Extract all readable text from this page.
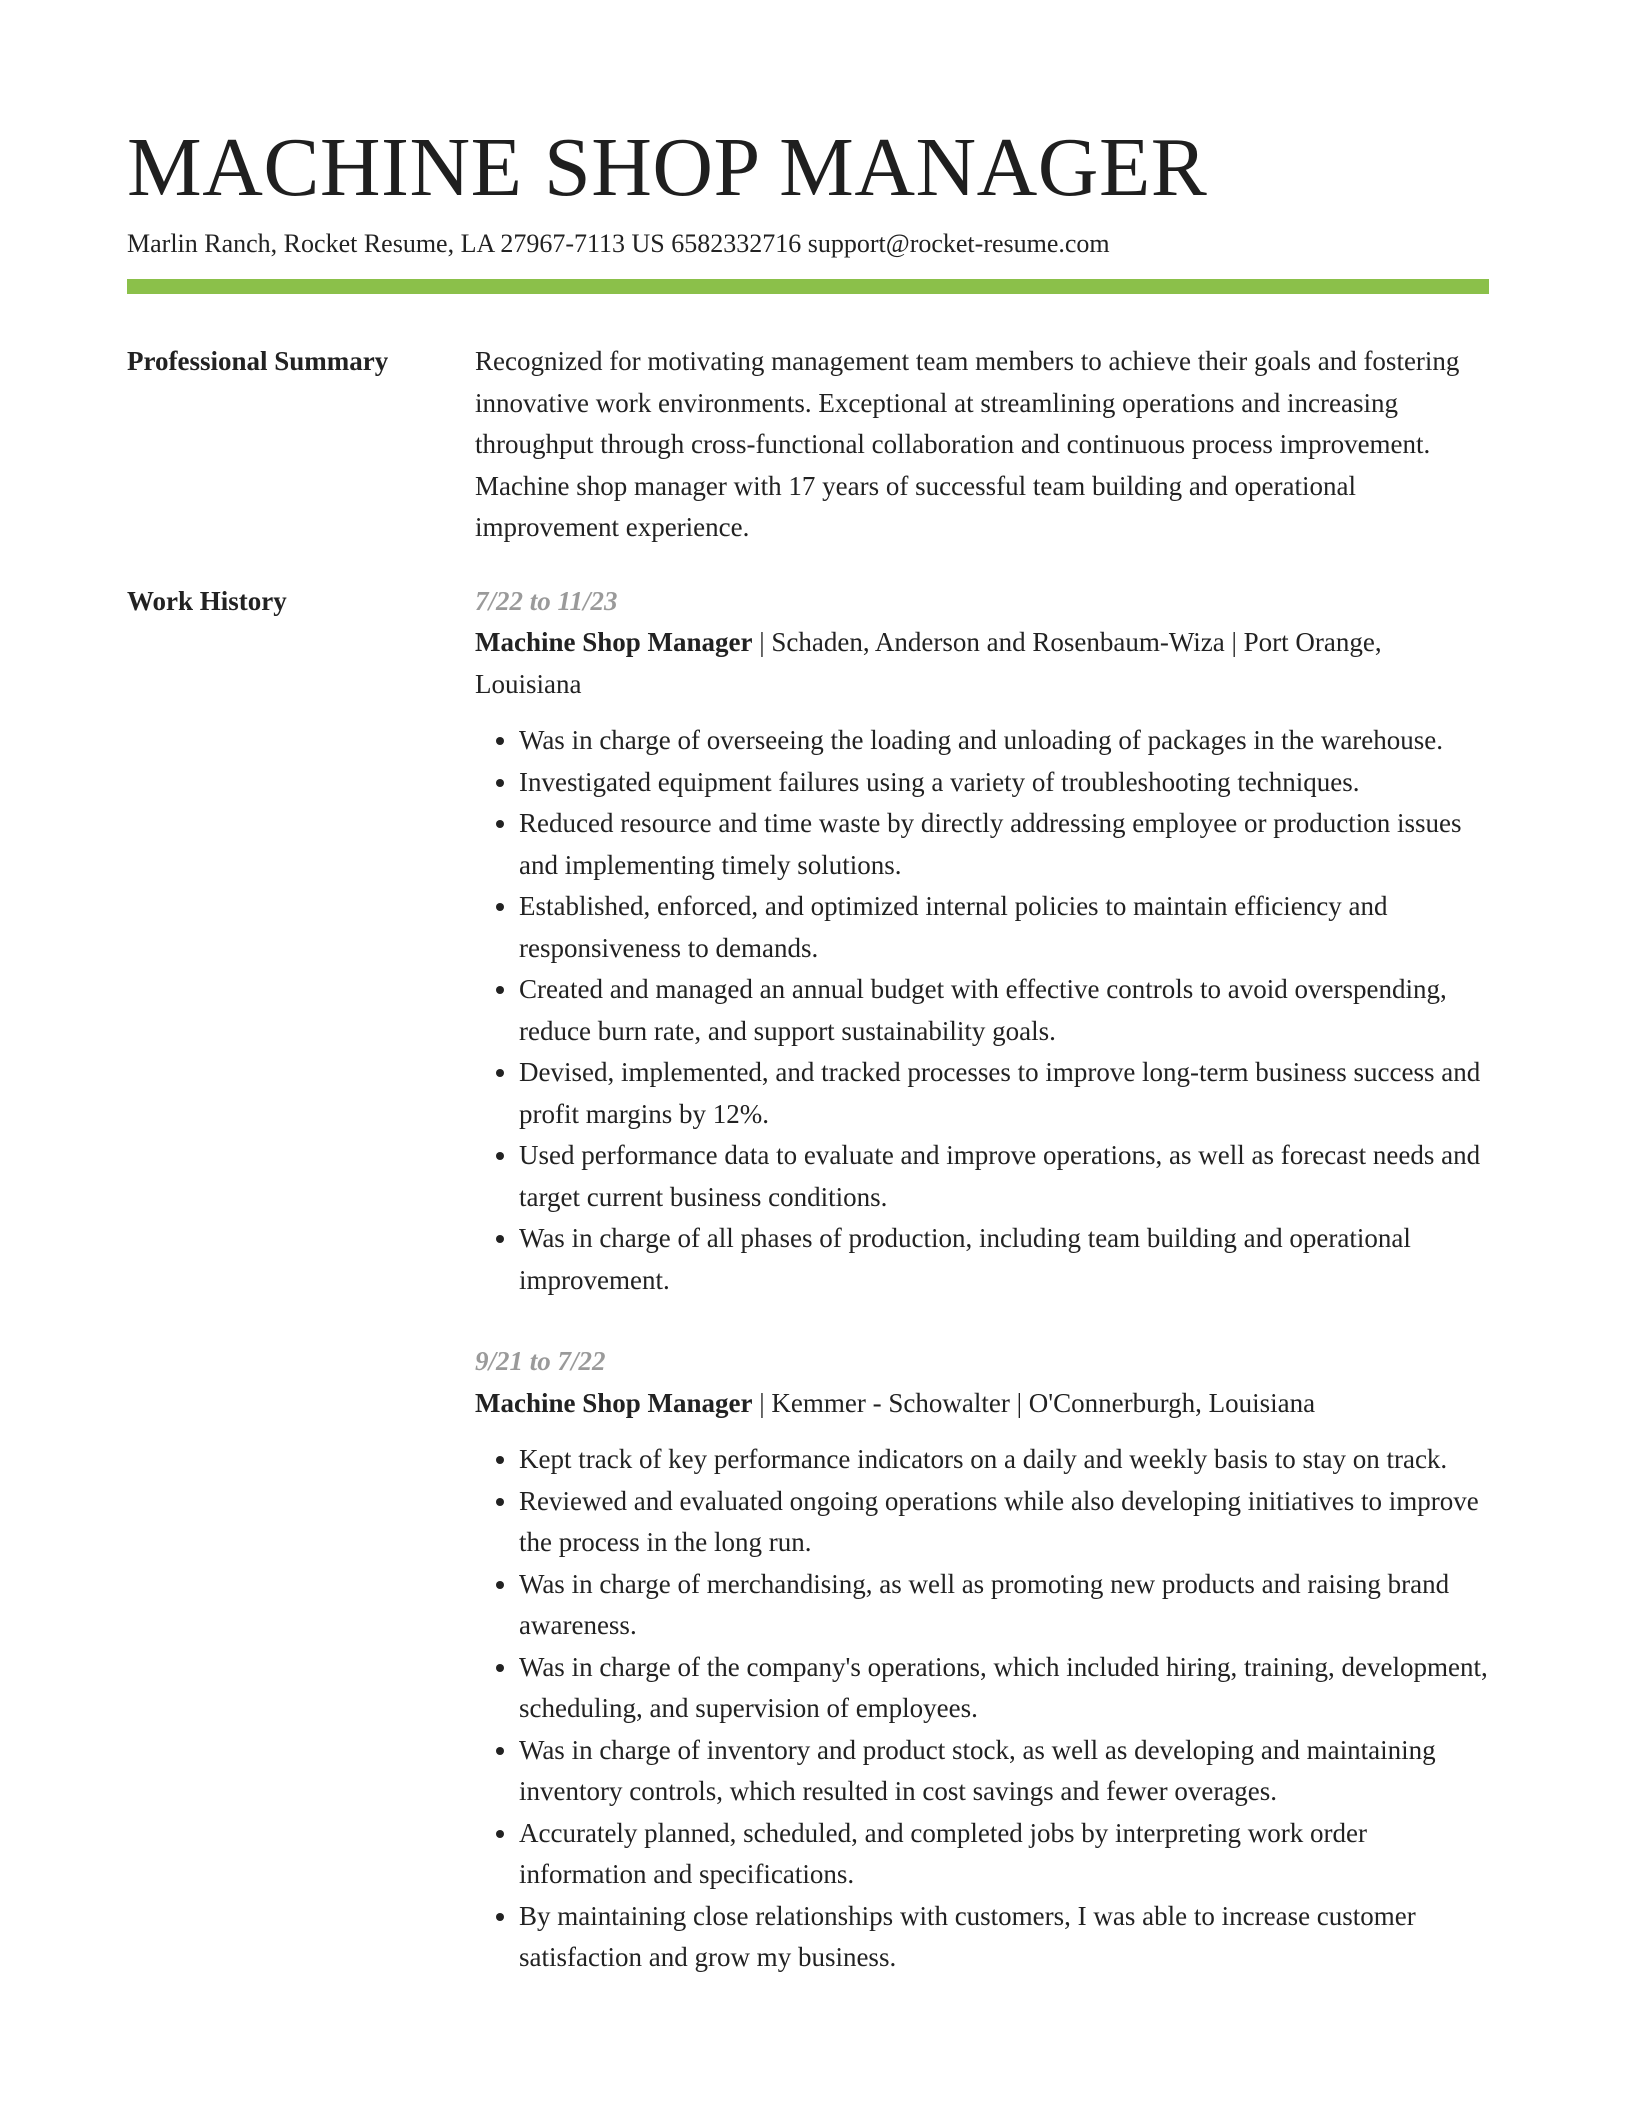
MACHINE SHOP MANAGER
Marlin Ranch, Rocket Resume, LA 27967-7113 US 6582332716 support@rocket-resume.com
Professional Summary	Recognized for motivating management team members to achieve their goals and fostering innovative work environments. Exceptional at streamlining operations and increasing throughput through cross-functional collaboration and continuous process improvement. Machine shop manager with 17 years of successful team building and operational improvement experience.
Work History	7/22 to 11/23
Machine Shop Manager | Schaden, Anderson and Rosenbaum-Wiza | Port Orange, Louisiana
• Was in charge of overseeing the loading and unloading of packages in the warehouse.
• Investigated equipment failures using a variety of troubleshooting techniques.
• Reduced resource and time waste by directly addressing employee or production issues and implementing timely solutions.
• Established, enforced, and optimized internal policies to maintain efficiency and responsiveness to demands.
• Created and managed an annual budget with effective controls to avoid overspending, reduce burn rate, and support sustainability goals.
• Devised, implemented, and tracked processes to improve long-term business success and profit margins by 12%.
• Used performance data to evaluate and improve operations, as well as forecast needs and target current business conditions.
• Was in charge of all phases of production, including team building and operational improvement.
9/21 to 7/22
Machine Shop Manager | Kemmer - Schowalter | O'Connerburgh, Louisiana
• Kept track of key performance indicators on a daily and weekly basis to stay on track.
• Reviewed and evaluated ongoing operations while also developing initiatives to improve the process in the long run.
• Was in charge of merchandising, as well as promoting new products and raising brand awareness.
• Was in charge of the company's operations, which included hiring, training, development, scheduling, and supervision of employees.
• Was in charge of inventory and product stock, as well as developing and maintaining inventory controls, which resulted in cost savings and fewer overages.
• Accurately planned, scheduled, and completed jobs by interpreting work order information and specifications.
• By maintaining close relationships with customers, I was able to increase customer satisfaction and grow my business.
